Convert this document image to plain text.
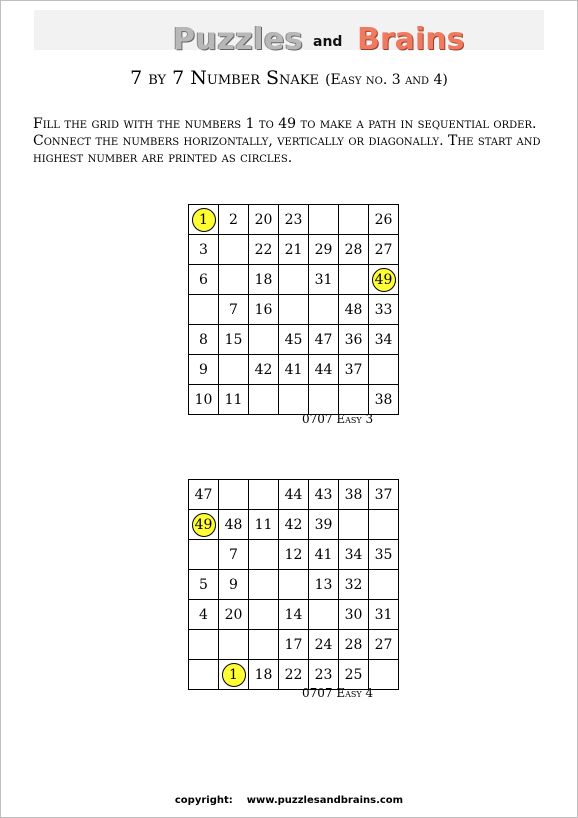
Puzzles and Brains
7 by 7 Number Snake (Easy no. 3 and 4)
Fill the grid with the numbers 1 to 49 to make a path in sequential order. Connect the numbers horizontally, vertically or diagonally. The start and highest number are printed as circles.
1	2	20	23			26
3		22	21	29	28	27
6		18		31		49
	7	16			48	33
8	15		45	47	36	34
9		42	41	44	37	
10	11					38
0707 Easy 3
47			44	43	38	37
49	48	11	42	39		
	7		12	41	34	35
5	9			13	32	
4	20		14		30	31
			17	24	28	27
	1	18	22	23	25	
0707 Easy 4
copyright: www.puzzlesandbrains.com
